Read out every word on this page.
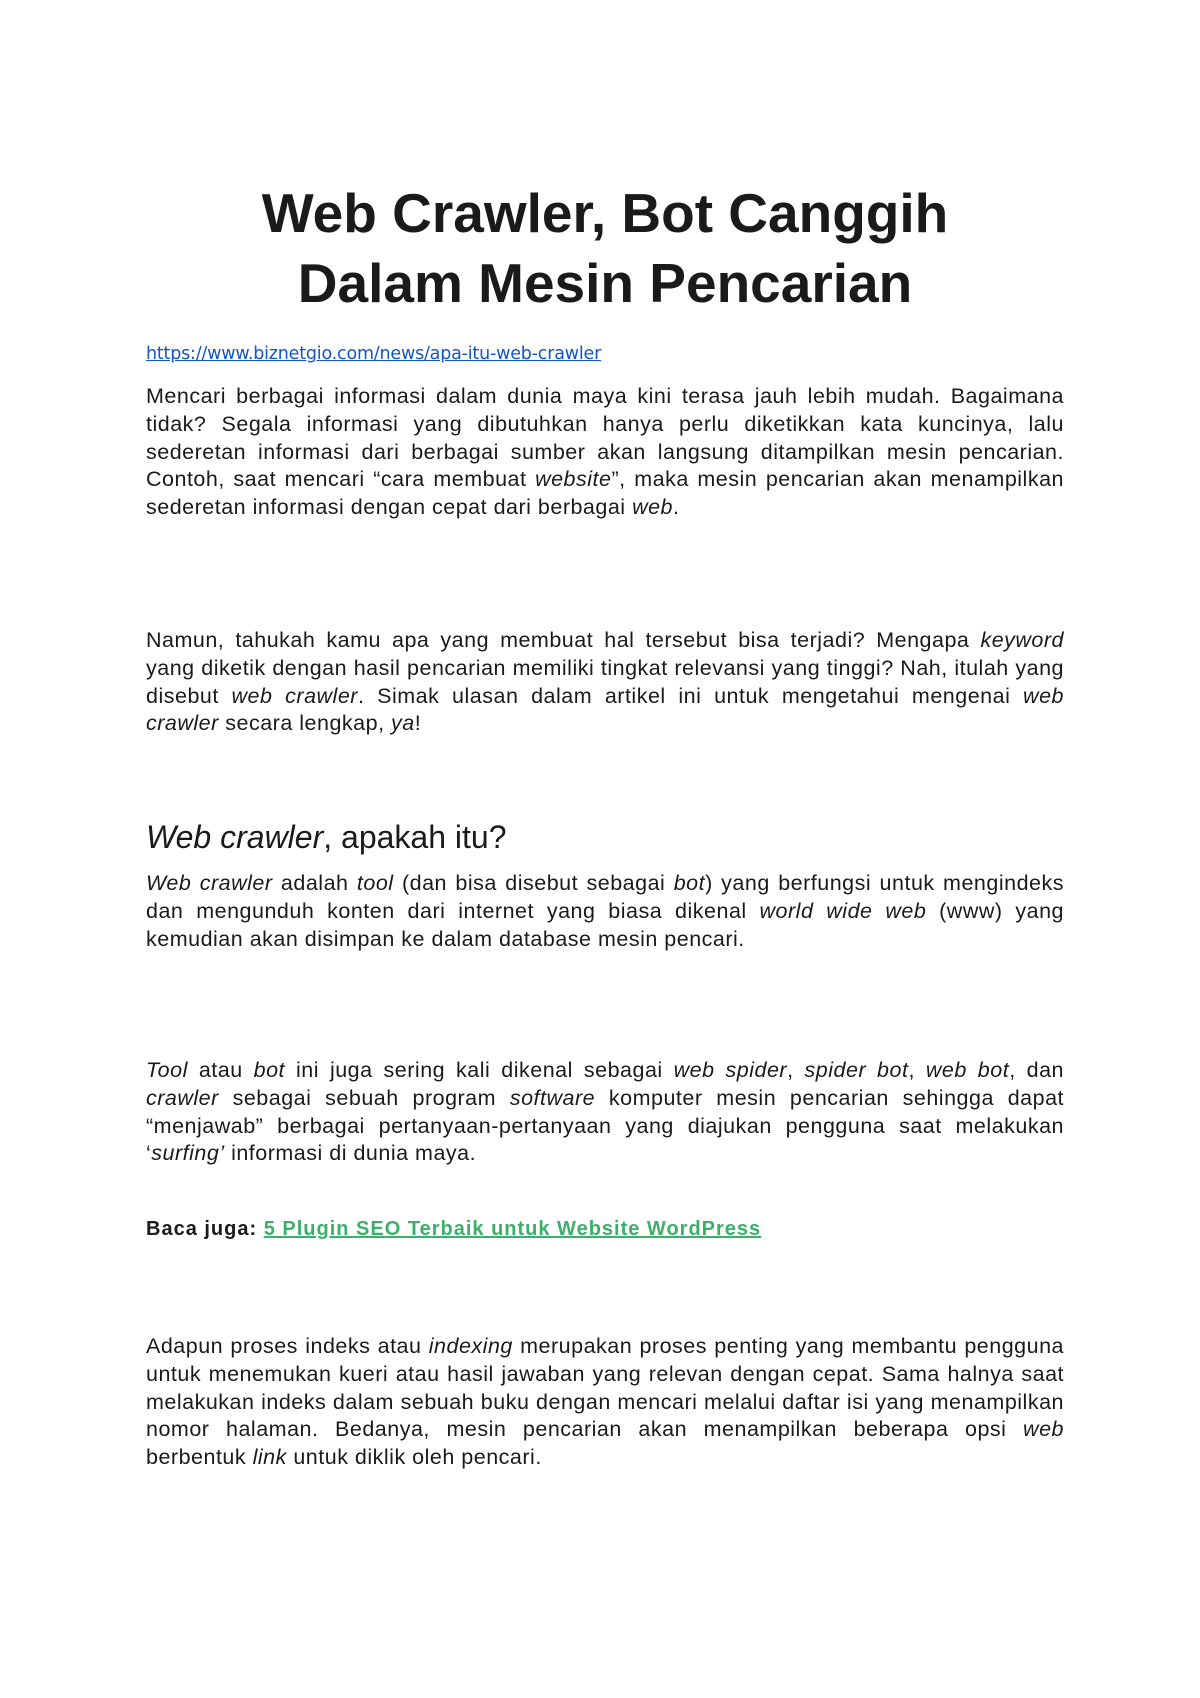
Web Crawler, Bot Canggih
Dalam Mesin Pencarian
https://www.biznetgio.com/news/apa-itu-web-crawler

Mencari berbagai informasi dalam dunia maya kini terasa jauh lebih mudah. Bagaimana tidak? Segala informasi yang dibutuhkan hanya perlu diketikkan kata kuncinya, lalu sederetan informasi dari berbagai sumber akan langsung ditampilkan mesin pencarian. Contoh, saat mencari “cara membuat website”, maka mesin pencarian akan menampilkan sederetan informasi dengan cepat dari berbagai web.

Namun, tahukah kamu apa yang membuat hal tersebut bisa terjadi? Mengapa keyword yang diketik dengan hasil pencarian memiliki tingkat relevansi yang tinggi? Nah, itulah yang disebut web crawler. Simak ulasan dalam artikel ini untuk mengetahui mengenai web crawler secara lengkap, ya!

Web crawler, apakah itu?

Web crawler adalah tool (dan bisa disebut sebagai bot) yang berfungsi untuk mengindeks dan mengunduh konten dari internet yang biasa dikenal world wide web (www) yang kemudian akan disimpan ke dalam database mesin pencari.

Tool atau bot ini juga sering kali dikenal sebagai web spider, spider bot, web bot, dan crawler sebagai sebuah program software komputer mesin pencarian sehingga dapat “menjawab” berbagai pertanyaan-pertanyaan yang diajukan pengguna saat melakukan ‘surfing’ informasi di dunia maya.

Baca juga: 5 Plugin SEO Terbaik untuk Website WordPress

Adapun proses indeks atau indexing merupakan proses penting yang membantu pengguna untuk menemukan kueri atau hasil jawaban yang relevan dengan cepat. Sama halnya saat melakukan indeks dalam sebuah buku dengan mencari melalui daftar isi yang menampilkan nomor halaman. Bedanya, mesin pencarian akan menampilkan beberapa opsi web berbentuk link untuk diklik oleh pencari.
